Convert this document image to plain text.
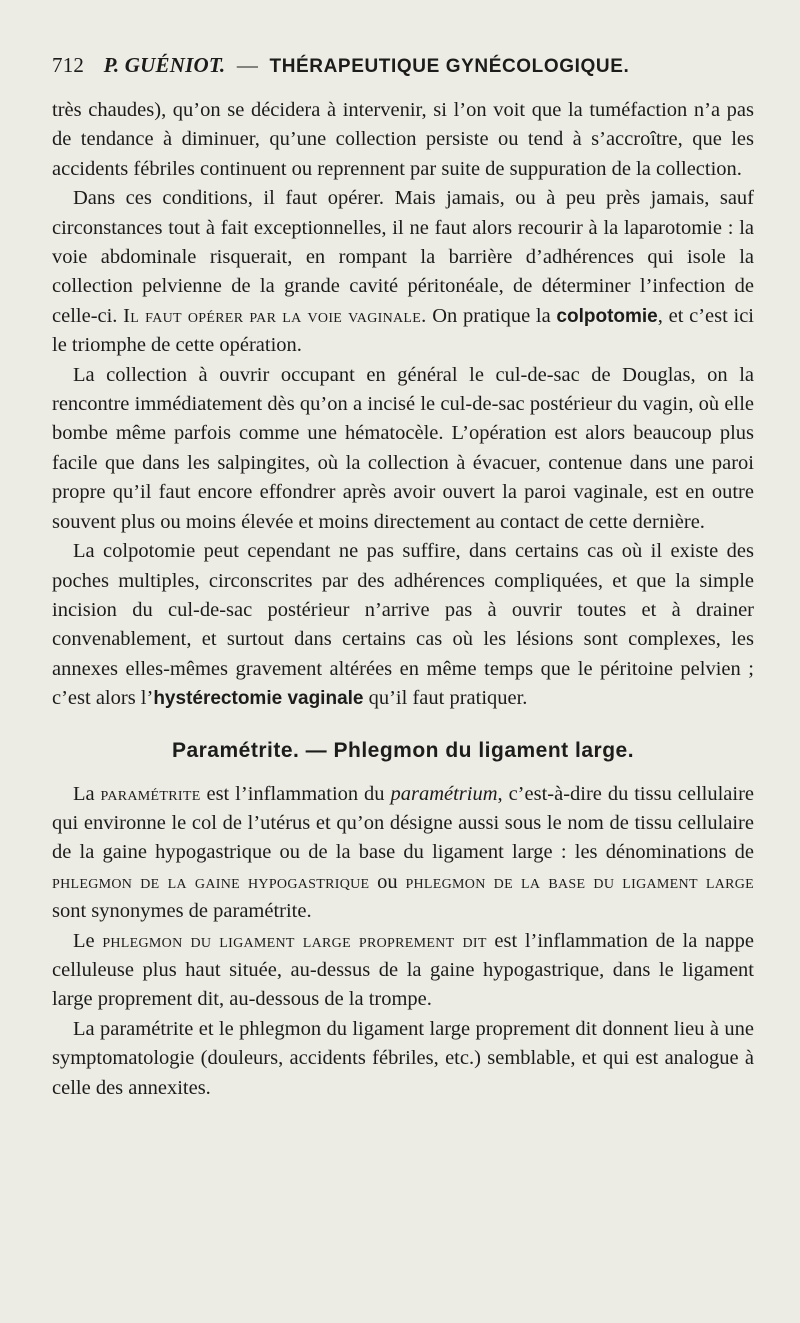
712 P. GUÉNIOT. — THÉRAPEUTIQUE GYNÉCOLOGIQUE.

très chaudes), qu’on se décidera à intervenir, si l’on voit que la tuméfaction n’a pas de tendance à diminuer, qu’une collection persiste ou tend à s’accroître, que les accidents fébriles continuent ou reprennent par suite de suppuration de la collection.

Dans ces conditions, il faut opérer. Mais jamais, ou à peu près jamais, sauf circonstances tout à fait exceptionnelles, il ne faut alors recourir à la laparotomie : la voie abdominale risquerait, en rompant la barrière d’adhérences qui isole la collection pelvienne de la grande cavité péritonéale, de déterminer l’infection de celle-ci. Il faut opérer par la voie vaginale. On pratique la colpotomie, et c’est ici le triomphe de cette opération.

La collection à ouvrir occupant en général le cul-de-sac de Douglas, on la rencontre immédiatement dès qu’on a incisé le cul-de-sac postérieur du vagin, où elle bombe même parfois comme une hématocèle. L’opération est alors beaucoup plus facile que dans les salpingites, où la collection à évacuer, contenue dans une paroi propre qu’il faut encore effondrer après avoir ouvert la paroi vaginale, est en outre souvent plus ou moins élevée et moins directement au contact de cette dernière.

La colpotomie peut cependant ne pas suffire, dans certains cas où il existe des poches multiples, circonscrites par des adhérences compliquées, et que la simple incision du cul-de-sac postérieur n’arrive pas à ouvrir toutes et à drainer convenablement, et surtout dans certains cas où les lésions sont complexes, les annexes elles-mêmes gravement altérées en même temps que le péritoine pelvien ; c’est alors l’hystérectomie vaginale qu’il faut pratiquer.

Paramétrite. — Phlegmon du ligament large.

La paramétrite est l’inflammation du paramétrium, c’est-à-dire du tissu cellulaire qui environne le col de l’utérus et qu’on désigne aussi sous le nom de tissu cellulaire de la gaine hypogastrique ou de la base du ligament large : les dénominations de phlegmon de la gaine hypogastrique ou phlegmon de la base du ligament large sont synonymes de paramétrite.

Le phlegmon du ligament large proprement dit est l’inflammation de la nappe celluleuse plus haut située, au-dessus de la gaine hypogastrique, dans le ligament large proprement dit, au-dessous de la trompe.

La paramétrite et le phlegmon du ligament large proprement dit donnent lieu à une symptomatologie (douleurs, accidents fébriles, etc.) semblable, et qui est analogue à celle des annexites.
